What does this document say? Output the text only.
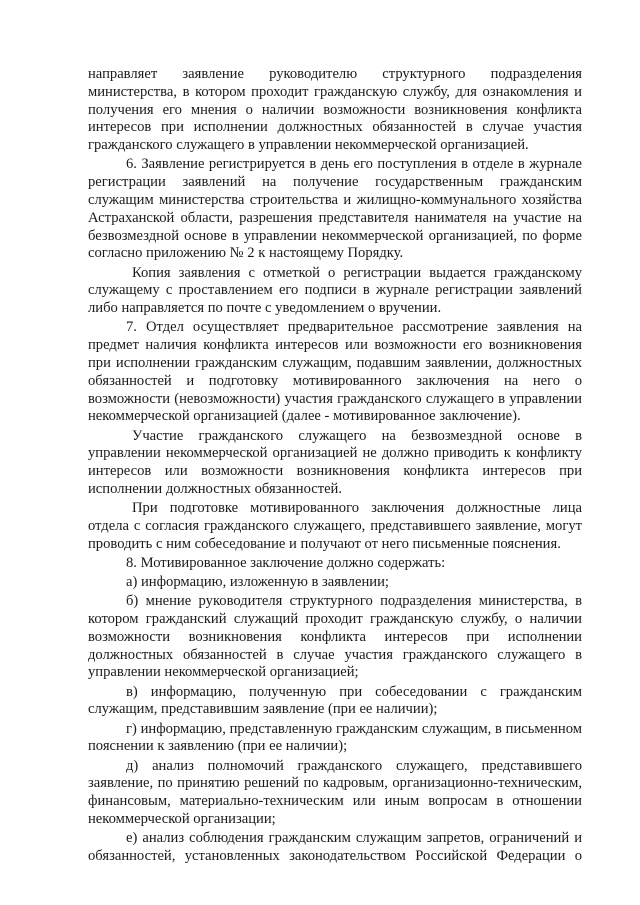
направляет заявление руководителю структурного подразделения министерства, в котором проходит гражданскую службу, для ознакомления и получения его мнения о наличии возможности возникновения конфликта интересов при исполнении должностных обязанностей в случае участия гражданского служащего в управлении некоммерческой организацией.

6. Заявление регистрируется в день его поступления в отделе в журнале регистрации заявлений на получение государственным гражданским служащим министерства строительства и жилищно-коммунального хозяйства Астраханской области, разрешения представителя нанимателя на участие на безвозмездной основе в управлении некоммерческой организацией, по форме согласно приложению № 2 к настоящему Порядку.

Копия заявления с отметкой о регистрации выдается гражданскому служащему с проставлением его подписи в журнале регистрации заявлений либо направляется по почте с уведомлением о вручении.

7. Отдел осуществляет предварительное рассмотрение заявления на предмет наличия конфликта интересов или возможности его возникновения при исполнении гражданским служащим, подавшим заявлении, должностных обязанностей и подготовку мотивированного заключения на него о возможности (невозможности) участия гражданского служащего в управлении некоммерческой организацией (далее - мотивированное заключение).

Участие гражданского служащего на безвозмездной основе в управлении некоммерческой организацией не должно приводить к конфликту интересов или возможности возникновения конфликта интересов при исполнении должностных обязанностей.

При подготовке мотивированного заключения должностные лица отдела с согласия гражданского служащего, представившего заявление, могут проводить с ним собеседование и получают от него письменные пояснения.

8. Мотивированное заключение должно содержать:

а) информацию, изложенную в заявлении;

б) мнение руководителя структурного подразделения министерства, в котором гражданский служащий проходит гражданскую службу, о наличии возможности возникновения конфликта интересов при исполнении должностных обязанностей в случае участия гражданского служащего в управлении некоммерческой организацией;

в) информацию, полученную при собеседовании с гражданским служащим, представившим заявление (при ее наличии);

г) информацию, представленную гражданским служащим, в письменном пояснении к заявлению (при ее наличии);

д) анализ полномочий гражданского служащего, представившего заявление, по принятию решений по кадровым, организационно-техническим, финансовым, материально-техническим или иным вопросам в отношении некоммерческой организации;

е) анализ соблюдения гражданским служащим запретов, ограничений и обязанностей, установленных законодательством Российской Федерации о
